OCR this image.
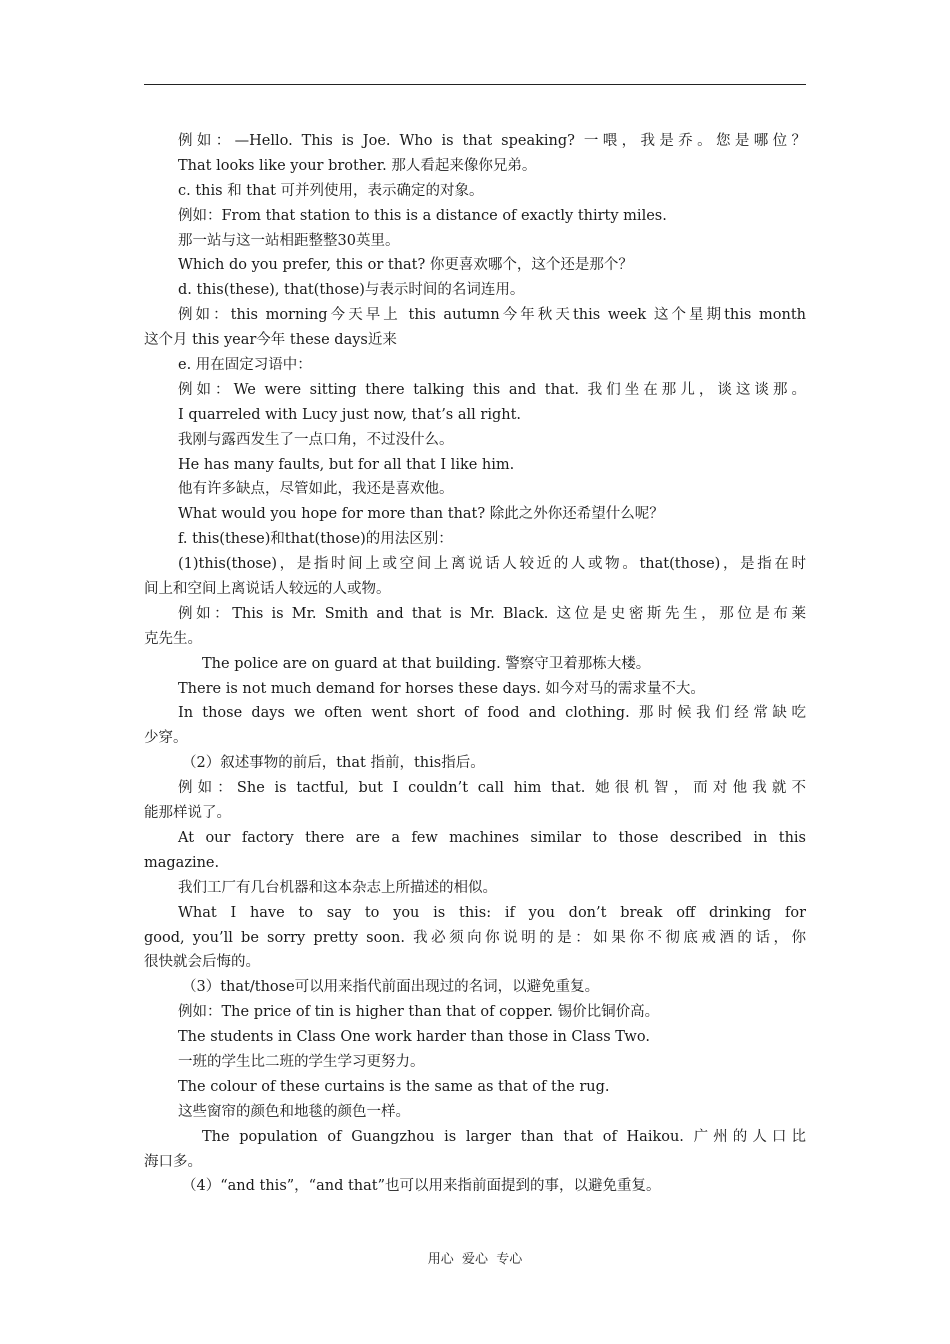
例如：—Hello. This is Joe. Who is that speaking? 一喂，我是乔。您是哪位？
That looks like your brother. 那人看起来像你兄弟。
c. this 和 that 可并列使用，表示确定的对象。
例如：From that station to this is a distance of exactly thirty miles.
那一站与这一站相距整整30英里。
Which do you prefer, this or that? 你更喜欢哪个，这个还是那个？
d. this(these), that(those)与表示时间的名词连用。
例如：this morning今天早上 this autumn今年秋天this week 这个星期this month
这个月 this year今年 these days近来
e. 用在固定习语中：
例如：We were sitting there talking this and that. 我们坐在那儿，谈这谈那。
I quarreled with Lucy just now, that’s all right.
我刚与露西发生了一点口角，不过没什么。
He has many faults, but for all that I like him.
他有许多缺点，尽管如此，我还是喜欢他。
What would you hope for more than that? 除此之外你还希望什么呢？
f. this(these)和that(those)的用法区别：
(1)this(those)，是指时间上或空间上离说话人较近的人或物。that(those)，是指在时
间上和空间上离说话人较远的人或物。
例如：This is Mr. Smith and that is Mr. Black. 这位是史密斯先生，那位是布莱
克先生。
The police are on guard at that building. 警察守卫着那栋大楼。
There is not much demand for horses these days. 如今对马的需求量不大。
In those days we often went short of food and clothing. 那时候我们经常缺吃
少穿。
（2）叙述事物的前后，that 指前，this指后。
例如：She is tactful, but I couldn’t call him that. 她很机智，而对他我就不
能那样说了。
At our factory there are a few machines similar to those described in this
magazine.
我们工厂有几台机器和这本杂志上所描述的相似。
What I have to say to you is this: if you don’t break off drinking for
good, you’ll be sorry pretty soon. 我必须向你说明的是：如果你不彻底戒酒的话，你
很快就会后悔的。
（3）that/those可以用来指代前面出现过的名词，以避免重复。
例如：The price of tin is higher than that of copper. 锡价比铜价高。
The students in Class One work harder than those in Class Two.
一班的学生比二班的学生学习更努力。
The colour of these curtains is the same as that of the rug.
这些窗帘的颜色和地毯的颜色一样。
The population of Guangzhou is larger than that of Haikou. 广州的人口比
海口多。
（4）“and this”，“and that”也可以用来指前面提到的事，以避免重复。
用心  爱心  专心
